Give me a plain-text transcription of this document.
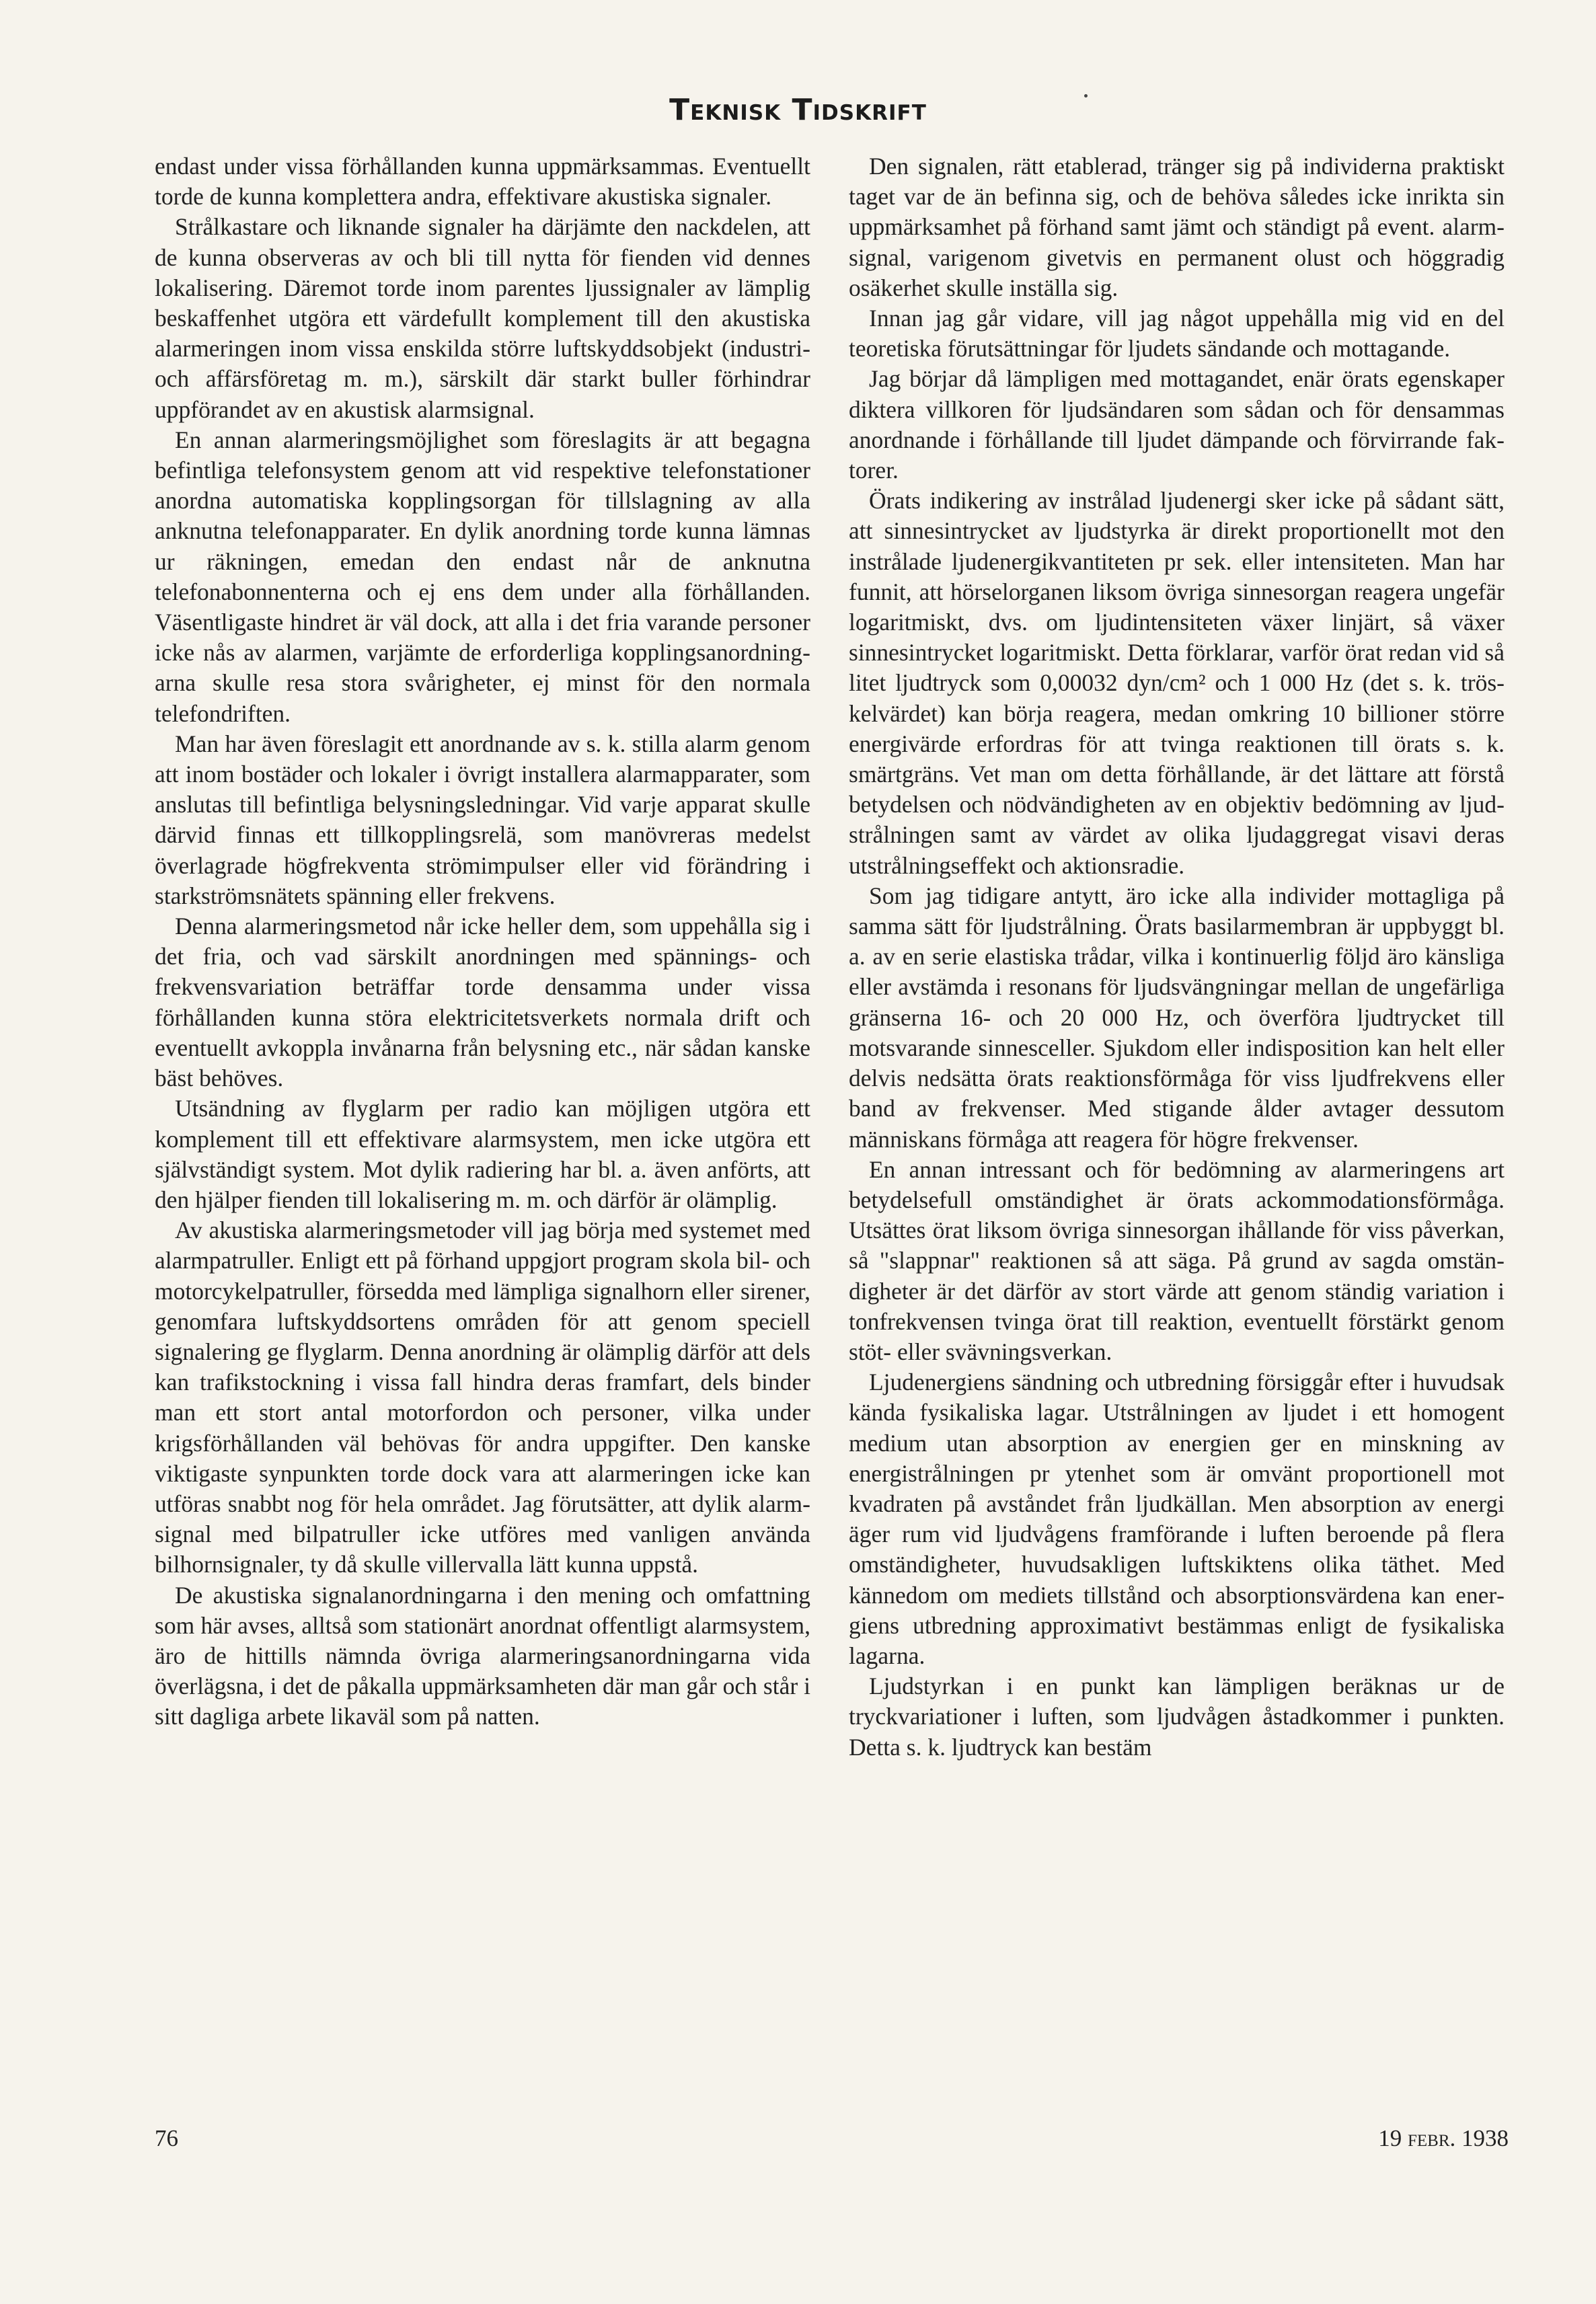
Teknisk Tidskrift

endast under vissa förhållanden kunna uppmärksammas. Eventuellt torde de kunna komplettera andra, effektivare akustiska signaler.

Strålkastare och liknande signaler ha därjämte den nackdelen, att de kunna observeras av och bli till nytta för fienden vid dennes lokalisering. Däremot torde inom parentes ljussignaler av lämplig beskaffenhet utgöra ett värdefullt komplement till den akustiska alarmeringen inom vissa enskilda större luftskyddsobjekt (industri- och affärsföretag m. m.), särskilt där starkt buller förhindrar uppförandet av en akustisk alarmsignal.

En annan alarmeringsmöjlighet som föreslagits är att begagna befintliga telefonsystem genom att vid respektive telefonstationer anordna automatiska kopplingsorgan för tillslagning av alla anknutna telefonapparater. En dylik anordning torde kunna lämnas ur räkningen, emedan den endast når de anknutna telefonabonnenterna och ej ens dem under alla förhållanden. Väsentligaste hindret är väl dock, att alla i det fria varande personer icke nås av alarmen, varjämte de erforderliga kopplingsanordningarna skulle resa stora svårigheter, ej minst för den normala telefondriften.

Man har även föreslagit ett anordnande av s. k. stilla alarm genom att inom bostäder och lokaler i övrigt installera alarmapparater, som anslutas till befintliga belysningsledningar. Vid varje apparat skulle därvid finnas ett tillkopplingsrelä, som manövreras medelst överlagrade högfrekventa strömimpulser eller vid förändring i starkströmsnätets spänning eller frekvens.

Denna alarmeringsmetod når icke heller dem, som uppehålla sig i det fria, och vad särskilt anordningen med spännings- och frekvensvariation beträffar torde densamma under vissa förhållanden kunna störa elektricitetsverkets normala drift och eventuellt avkoppla invånarna från belysning etc., när sådan kanske bäst behöves.

Utsändning av flyglarm per radio kan möjligen utgöra ett komplement till ett effektivare alarmsystem, men icke utgöra ett självständigt system. Mot dylik radiering har bl. a. även anförts, att den hjälper fienden till lokalisering m. m. och därför är olämplig.

Av akustiska alarmeringsmetoder vill jag börja med systemet med alarmpatruller. Enligt ett på förhand uppgjort program skola bil- och motorcykelpatruller, försedda med lämpliga signalhorn eller sirener, genomfara luftskyddsortens områden för att genom speciell signalering ge flyglarm. Denna anordning är olämplig därför att dels kan trafikstockning i vissa fall hindra deras framfart, dels binder man ett stort antal motorfordon och personer, vilka under krigsförhållanden väl behövas för andra uppgifter. Den kanske viktigaste synpunkten torde dock vara att alarmeringen icke kan utföras snabbt nog för hela området. Jag förutsätter, att dylik alarmsignal med bilpatruller icke utföres med vanligen använda bilhornsignaler, ty då skulle villervalla lätt kunna uppstå.

De akustiska signalanordningarna i den mening och omfattning som här avses, alltså som stationärt anordnat offentligt alarmsystem, äro de hittills nämnda övriga alarmeringsanordningarna vida överlägsna, i det de påkalla uppmärksamheten där man går och står i sitt dagliga arbete likaväl som på natten.

Den signalen, rätt etablerad, tränger sig på individerna praktiskt taget var de än befinna sig, och de behöva således icke inrikta sin uppmärksamhet på förhand samt jämt och ständigt på event. alarmsignal, varigenom givetvis en permanent olust och höggradig osäkerhet skulle inställa sig.

Innan jag går vidare, vill jag något uppehålla mig vid en del teoretiska förutsättningar för ljudets sändande och mottagande.

Jag börjar då lämpligen med mottagandet, enär örats egenskaper diktera villkoren för ljudsändaren som sådan och för densammas anordnande i förhållande till ljudet dämpande och förvirrande faktorer.

Örats indikering av instrålad ljudenergi sker icke på sådant sätt, att sinnesintrycket av ljudstyrka är direkt proportionellt mot den instrålade ljudenergikvantiteten pr sek. eller intensiteten. Man har funnit, att hörselorganen liksom övriga sinnesorgan reagera ungefär logaritmiskt, dvs. om ljudintensiteten växer linjärt, så växer sinnesintrycket logaritmiskt. Detta förklarar, varför örat redan vid så litet ljudtryck som 0,00032 dyn/cm² och 1 000 Hz (det s. k. tröskelvärdet) kan börja reagera, medan omkring 10 billioner större energivärde erfordras för att tvinga reaktionen till örats s. k. smärtgräns. Vet man om detta förhållande, är det lättare att förstå betydelsen och nödvändigheten av en objektiv bedömning av ljudstrålningen samt av värdet av olika ljudaggregat visavi deras utstrålningseffekt och aktionsradie.

Som jag tidigare antytt, äro icke alla individer mottagliga på samma sätt för ljudstrålning. Örats basilarmembran är uppbyggt bl. a. av en serie elastiska trådar, vilka i kontinuerlig följd äro känsliga eller avstämda i resonans för ljudsvängningar mellan de ungefärliga gränserna 16- och 20 000 Hz, och överföra ljudtrycket till motsvarande sinnesceller. Sjukdom eller indisposition kan helt eller delvis nedsätta örats reaktionsförmåga för viss ljudfrekvens eller band av frekvenser. Med stigande ålder avtager dessutom människans förmåga att reagera för högre frekvenser.

En annan intressant och för bedömning av alarmeringens art betydelsefull omständighet är örats ackommodationsförmåga. Utsättes örat liksom övriga sinnesorgan ihållande för viss påverkan, så "slappnar" reaktionen så att säga. På grund av sagda omständigheter är det därför av stort värde att genom ständig variation i tonfrekvensen tvinga örat till reaktion, eventuellt förstärkt genom stöt- eller svävningsverkan.

Ljudenergiens sändning och utbredning försiggår efter i huvudsak kända fysikaliska lagar. Utstrålningen av ljudet i ett homogent medium utan absorption av energien ger en minskning av energistrålningen pr ytenhet som är omvänt proportionell mot kvadraten på avståndet från ljudkällan. Men absorption av energi äger rum vid ljudvågens framförande i luften beroende på flera omständigheter, huvudsakligen luftskiktens olika täthet. Med kännedom om mediets tillstånd och absorptionsvärdena kan energiens utbredning approximativt bestämmas enligt de fysikaliska lagarna.

Ljudstyrkan i en punkt kan lämpligen beräknas ur de tryckvariationer i luften, som ljudvågen åstadkommer i punkten. Detta s. k. ljudtryck kan bestäm

76	19 febr. 1938
